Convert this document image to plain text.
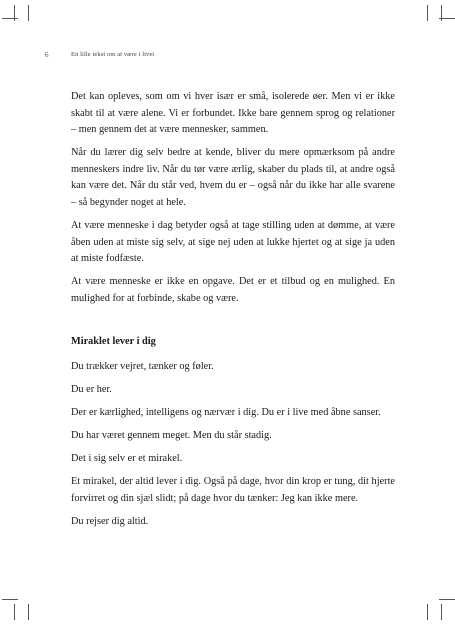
6	En lille tekst om at være i livet

Det kan opleves, som om vi hver især er små, isolerede øer. Men vi er ikke skabt til at være alene. Vi er forbundet. Ikke bare gennem sprog og relationer – men gennem det at være mennesker, sammen.

Når du lærer dig selv bedre at kende, bliver du mere opmærksom på andre menneskers indre liv. Når du tør være ærlig, skaber du plads til, at andre også kan være det. Når du står ved, hvem du er – også når du ikke har alle svarene – så begynder noget at hele.

At være menneske i dag betyder også at tage stilling uden at dømme, at være åben uden at miste sig selv, at sige nej uden at lukke hjertet og at sige ja uden at miste fodfæste.

At være menneske er ikke en opgave. Det er et tilbud og en mulighed. En mulighed for at forbinde, skabe og være.

Miraklet lever i dig

Du trækker vejret, tænker og føler.

Du er her.

Der er kærlighed, intelligens og nærvær i dig. Du er i live med åbne sanser.

Du har været gennem meget. Men du står stadig.

Det i sig selv er et mirakel.

Et mirakel, der altid lever i dig. Også på dage, hvor din krop er tung, dit hjerte forvirret og din sjæl slidt; på dage hvor du tænker: Jeg kan ikke mere.

Du rejser dig altid.
